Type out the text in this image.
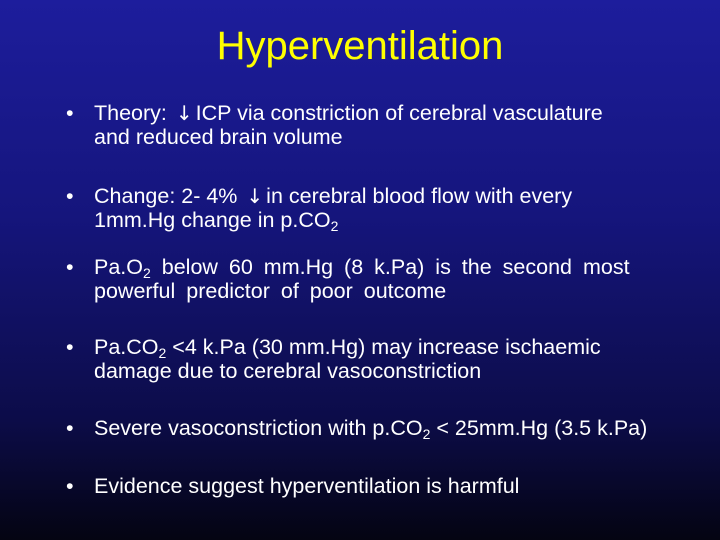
Hyperventilation
• Theory: ↓ ICP via constriction of cerebral vasculature
and reduced brain volume
• Change: 2- 4% ↓ in cerebral blood flow with every
1mm.Hg change in $p.CO_2$
• $Pa.O_2$ below 60 mm.Hg (8 k.Pa) is the second most
powerful predictor of poor outcome
• $Pa.CO_2 <4$ k.Pa (30 mm.Hg) may increase ischaemic
damage due to cerebral vasoconstriction
• Severe vasoconstriction with $p.CO_2 < 25mm.Hg$ (3.5 k.Pa)
• Evidence suggest hyperventilation is harmful
